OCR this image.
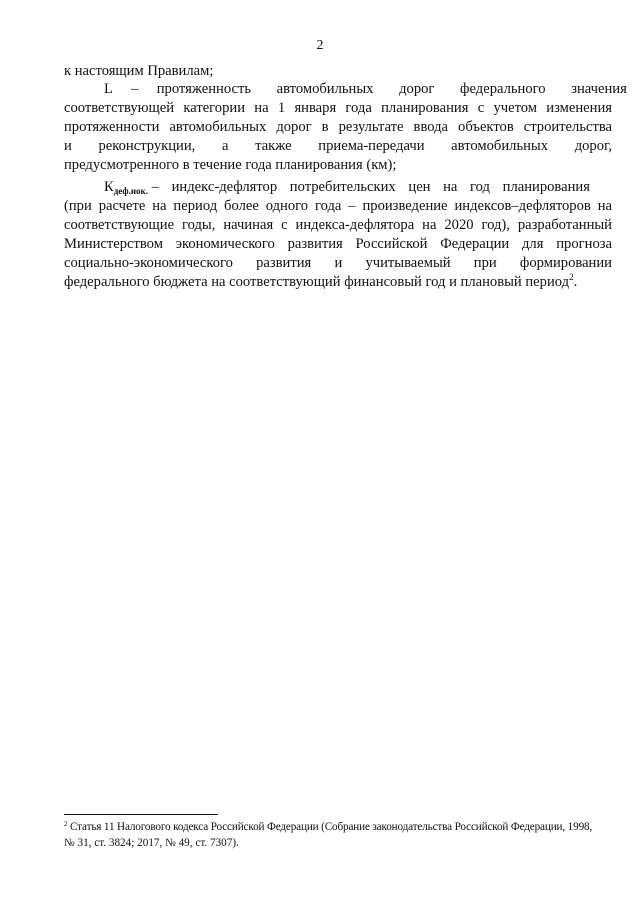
2
к настоящим Правилам;
L – протяженность автомобильных дорог федерального значения
соответствующей категории на 1 января года планирования с учетом изменения
протяженности автомобильных дорог в результате ввода объектов строительства
и реконструкции, а также приема-передачи автомобильных дорог,
предусмотренного в течение года планирования (км);
$К_{деф.иок.}$ – индекс-дефлятор потребительских цен на год планирования
(при расчете на период более одного года – произведение индексов–дефляторов на
соответствующие годы, начиная с индекса-дефлятора на 2020 год), разработанный
Министерством экономического развития Российской Федерации для прогноза
социально-экономического развития и учитываемый при формировании
федерального бюджета на соответствующий финансовый год и плановый период$^2$.
$^2$ Статья 11 Налогового кодекса Российской Федерации (Собрание законодательства Российской Федерации, 1998,
№ 31, ст. 3824; 2017, № 49, ст. 7307).
